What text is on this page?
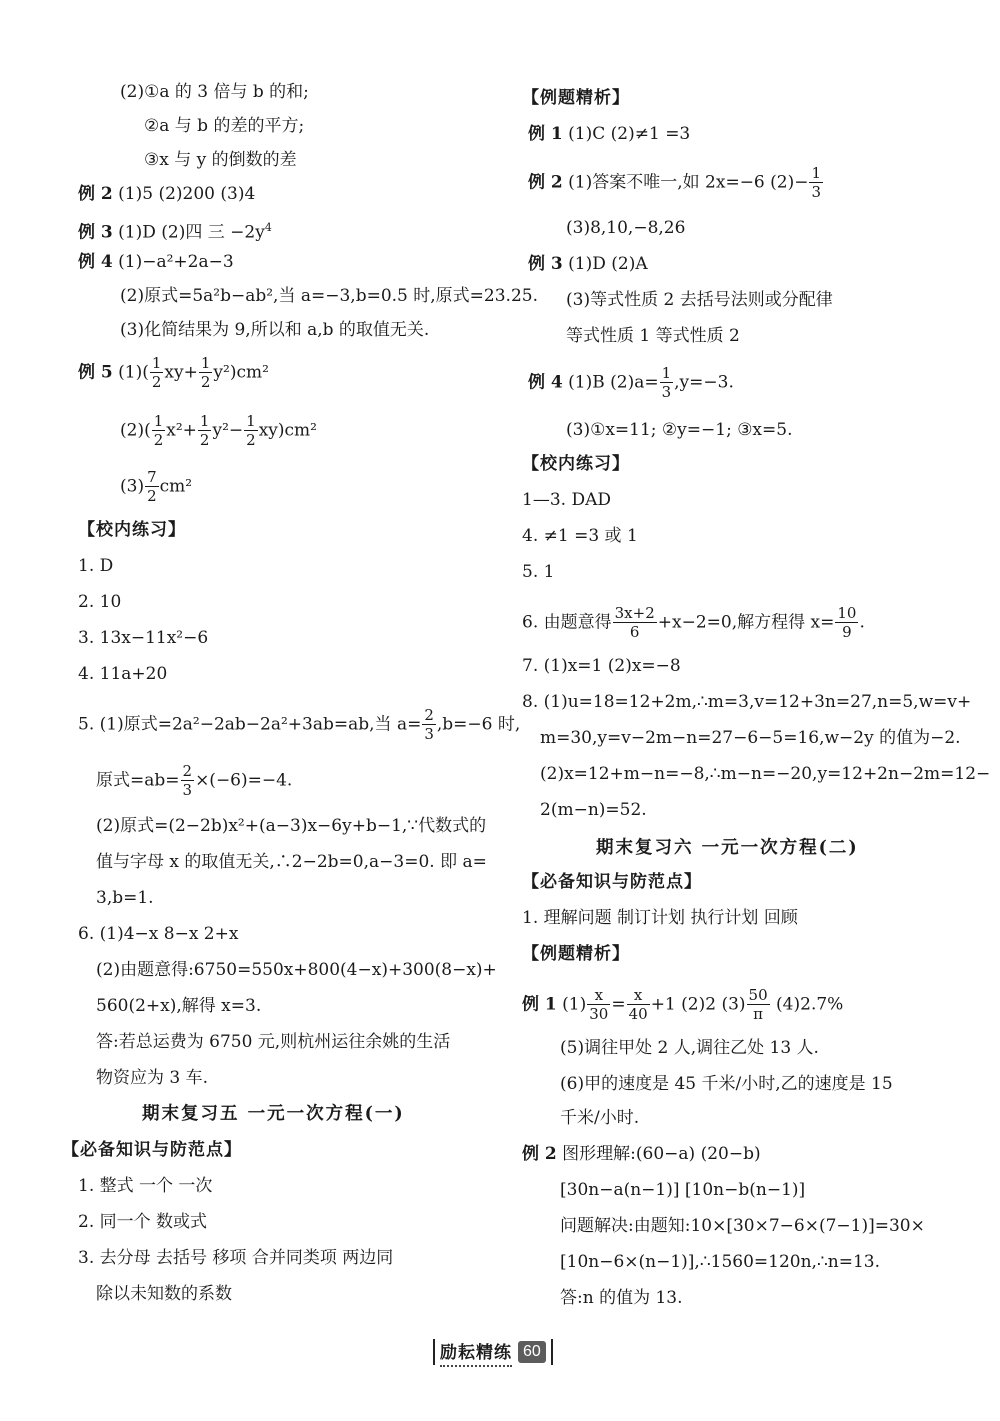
(2)①a 的 3 倍与 b 的和;
②a 与 b 的差的平方;
③x 与 y 的倒数的差
例 2 (1)5 (2)200 (3)4
例 3 (1)D (2)四 三 $-2y^4$
例 4 (1)−a²+2a−3
(2)原式=5a²b−ab²,当 a=−3,b=0.5 时,原式=23.25.
(3)化简结果为 9,所以和 a,b 的取值无关.
例 5 $(1)( \frac{1}{2} xy+ \frac{1}{2} y^2)cm^2$
$(2)( \frac{1}{2} x^2+ \frac{1}{2} y^2- \frac{1}{2} xy)cm^2$
$(3) \frac{7}{2} cm^2$
【校内练习】
1. D
2. 10
3. 13x−11x²−6
4. 11a+20
5. (1)原式=2a²−2ab−2a²+3ab=ab,当 $a= \frac{2}{3} ,b=-6$ 时,
原式$=ab= \frac{2}{3} \times(-6)=-4$.
(2)原式=(2−2b)x²+(a−3)x−6y+b−1,∵代数式的
值与字母 x 的取值无关,∴2−2b=0,a−3=0. 即 a=
3,b=1.
6. (1)4−x 8−x 2+x
(2)由题意得:6750=550x+800(4−x)+300(8−x)+
560(2+x),解得 x=3.
答:若总运费为 6750 元,则杭州运往余姚的生活
物资应为 3 车.
期末复习五 一元一次方程(一)
【必备知识与防范点】
1. 整式 一个 一次
2. 同一个 数或式
3. 去分母 去括号 移项 合并同类项 两边同
除以未知数的系数
【例题精析】
例 1 (1)C (2)≠1 =3
例 2 (1)答案不唯一,如 2x=−6 $(2)- \frac{1}{3}$
(3)8,10,−8,26
例 3 (1)D (2)A
(3)等式性质 2 去括号法则或分配律
等式性质 1 等式性质 2
例 4 (1)B $(2)a= \frac{1}{3} ,y=-3$.
(3)①x=11; ②y=−1; ③x=5.
【校内练习】
1—3. DAD
4. ≠1 =3 或 1
5. 1
6. 由题意得 $\frac{3x+2}{6} +x-2=0$,解方程得 $x= \frac{10}{9}$ .
7. (1)x=1 (2)x=−8
8. (1)u=18=12+2m,∴m=3,v=12+3n=27,n=5,w=v+
m=30,y=v−2m−n=27−6−5=16,w−2y 的值为−2.
(2)x=12+m−n=−8,∴m−n=−20,y=12+2n−2m=12−
2(m−n)=52.
期末复习六 一元一次方程(二)
【必备知识与防范点】
1. 理解问题 制订计划 执行计划 回顾
【例题精析】
例 1 $(1) \frac{x}{30} = \frac{x}{40} +1$ (2)2 $(3) \frac{50}{\pi} (4)2.7\%$
(5)调往甲处 2 人,调往乙处 13 人.
(6)甲的速度是 45 千米/小时,乙的速度是 15
千米/小时.
例 2 图形理解:(60−a) (20−b)
[30n−a(n−1)] [10n−b(n−1)]
问题解决:由题知:10×[30×7−6×(7−1)]=30×
[10n−6×(n−1)],∴1560=120n,∴n=13.
答:n 的值为 13.
励耘精练 60
